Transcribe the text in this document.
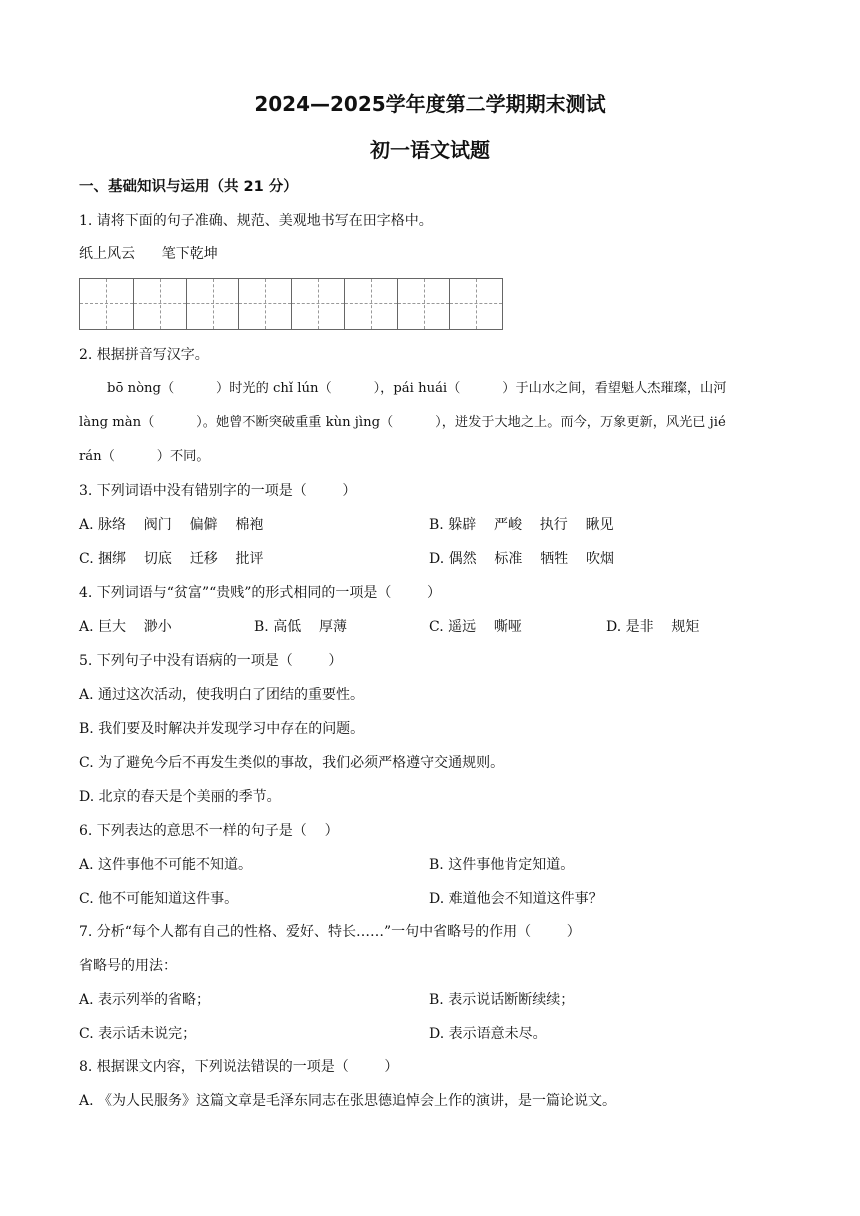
2024—2025学年度第二学期期末测试
初一语文试题
一、基础知识与运用（共 21 分）
1. 请将下面的句子准确、规范、美观地书写在田字格中。
纸上风云      笔下乾坤
2. 根据拼音写汉字。
bō nòng（          ）时光的 chǐ lún（          ），pái huái（          ）于山水之间，看望魁人杰璀璨，山河
làng màn（          ）。她曾不断突破重重 kùn jìng（          ），迸发于大地之上。而今，万象更新，风光已 jié
rán（          ）不同。
3. 下列词语中没有错别字的一项是（        ）
A. 脉络    阀门    偏僻    棉袍	B. 躲辟    严峻    执行    瞅见
C. 捆绑    切底    迁移    批评	D. 偶然    标准    牺牲    吹烟
4. 下列词语与“贫富”“贵贱”的形式相同的一项是（        ）
A. 巨大    渺小	B. 高低    厚薄	C. 遥远    嘶哑	D. 是非    规矩
5. 下列句子中没有语病的一项是（        ）
A. 通过这次活动，使我明白了团结的重要性。
B. 我们要及时解决并发现学习中存在的问题。
C. 为了避免今后不再发生类似的事故，我们必须严格遵守交通规则。
D. 北京的春天是个美丽的季节。
6. 下列表达的意思不一样的句子是（    ）
A. 这件事他不可能不知道。	B. 这件事他肯定知道。
C. 他不可能知道这件事。	D. 难道他会不知道这件事？
7. 分析“每个人都有自己的性格、爱好、特长……”一句中省略号的作用（        ）
省略号的用法：
A. 表示列举的省略；	B. 表示说话断断续续；
C. 表示话未说完；	D. 表示语意未尽。
8. 根据课文内容，下列说法错误的一项是（        ）
A. 《为人民服务》这篇文章是毛泽东同志在张思德追悼会上作的演讲，是一篇论说文。
